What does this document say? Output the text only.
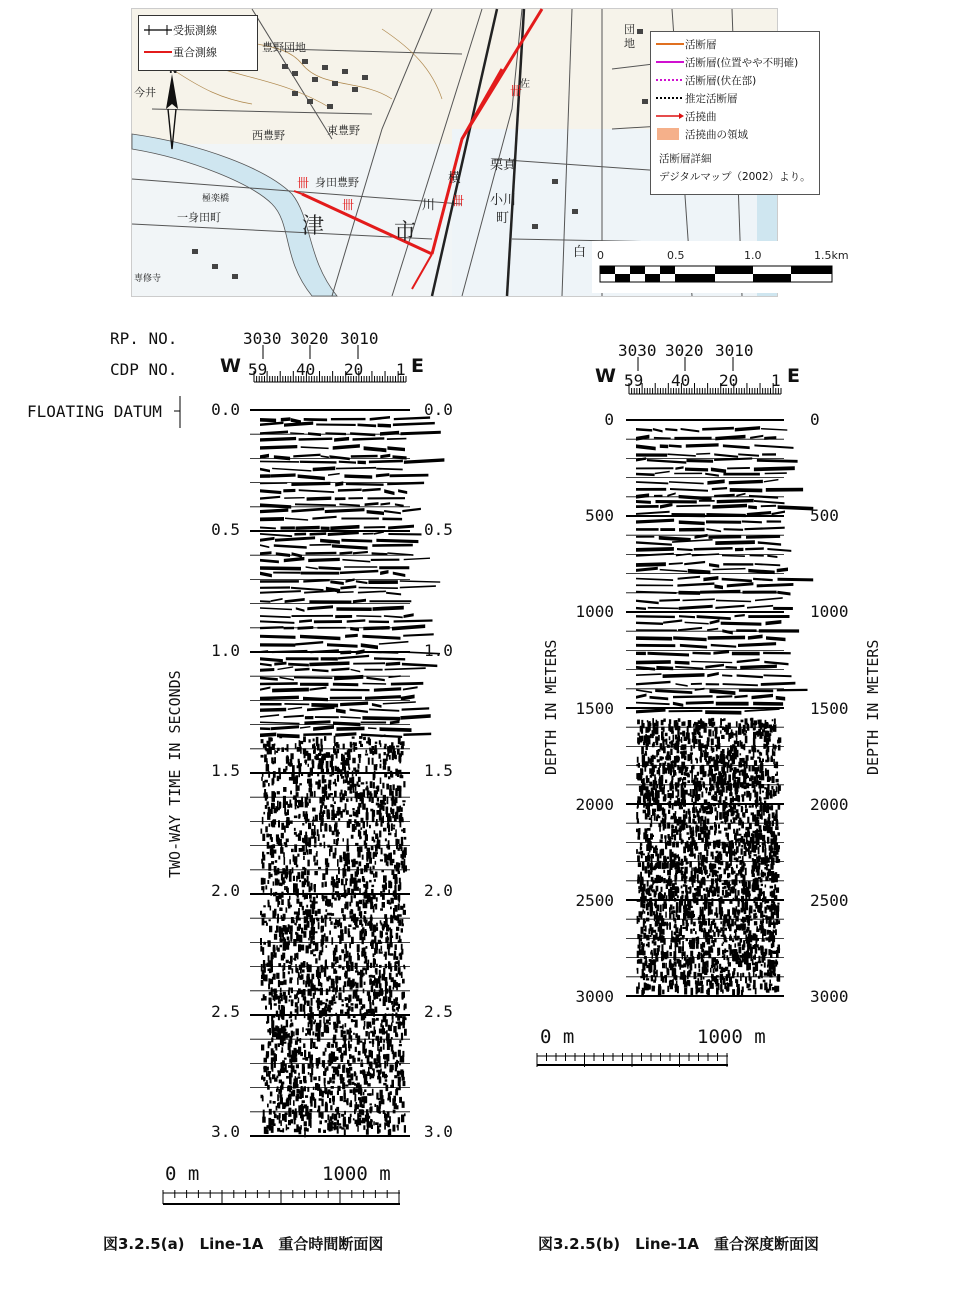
卌
卌
卌
卌
豊野団地
西豊野	東豊野
身田豊野
一身田町	津	市
栗真
小川
町
横
川
団
地
白
今井
極楽橋
専修寺
佐
受振測線
重合測線
活断層
活断層(位置やや不明確)
活断層(伏在部)
推定活断層
活撓曲
活撓曲の領域
活断層詳細
デジタルマップ（2002）より。
0	0.5	1.0	1.5km
RP. NO.
CDP NO.
3030 3020 3010
59 40 20 1
W	E
FLOATING DATUM
TWO-WAY TIME IN SECONDS
0 m	1000 m
図3.2.5(a)　Line-1A　重合時間断面図
3030 3020 3010
59 40 20 1
W	E
DEPTH IN METERS	DEPTH IN METERS
0 m	1000 m
図3.2.5(b)　Line-1A　重合深度断面図
0.0
0.5
1.0
1.5
2.0
2.5
3.0
0.0
0.5
1.0
1.5
2.0
2.5
3.0
0
500
1000
1500
2000
2500
3000
0
500
1000
1500
2000
2500
3000
